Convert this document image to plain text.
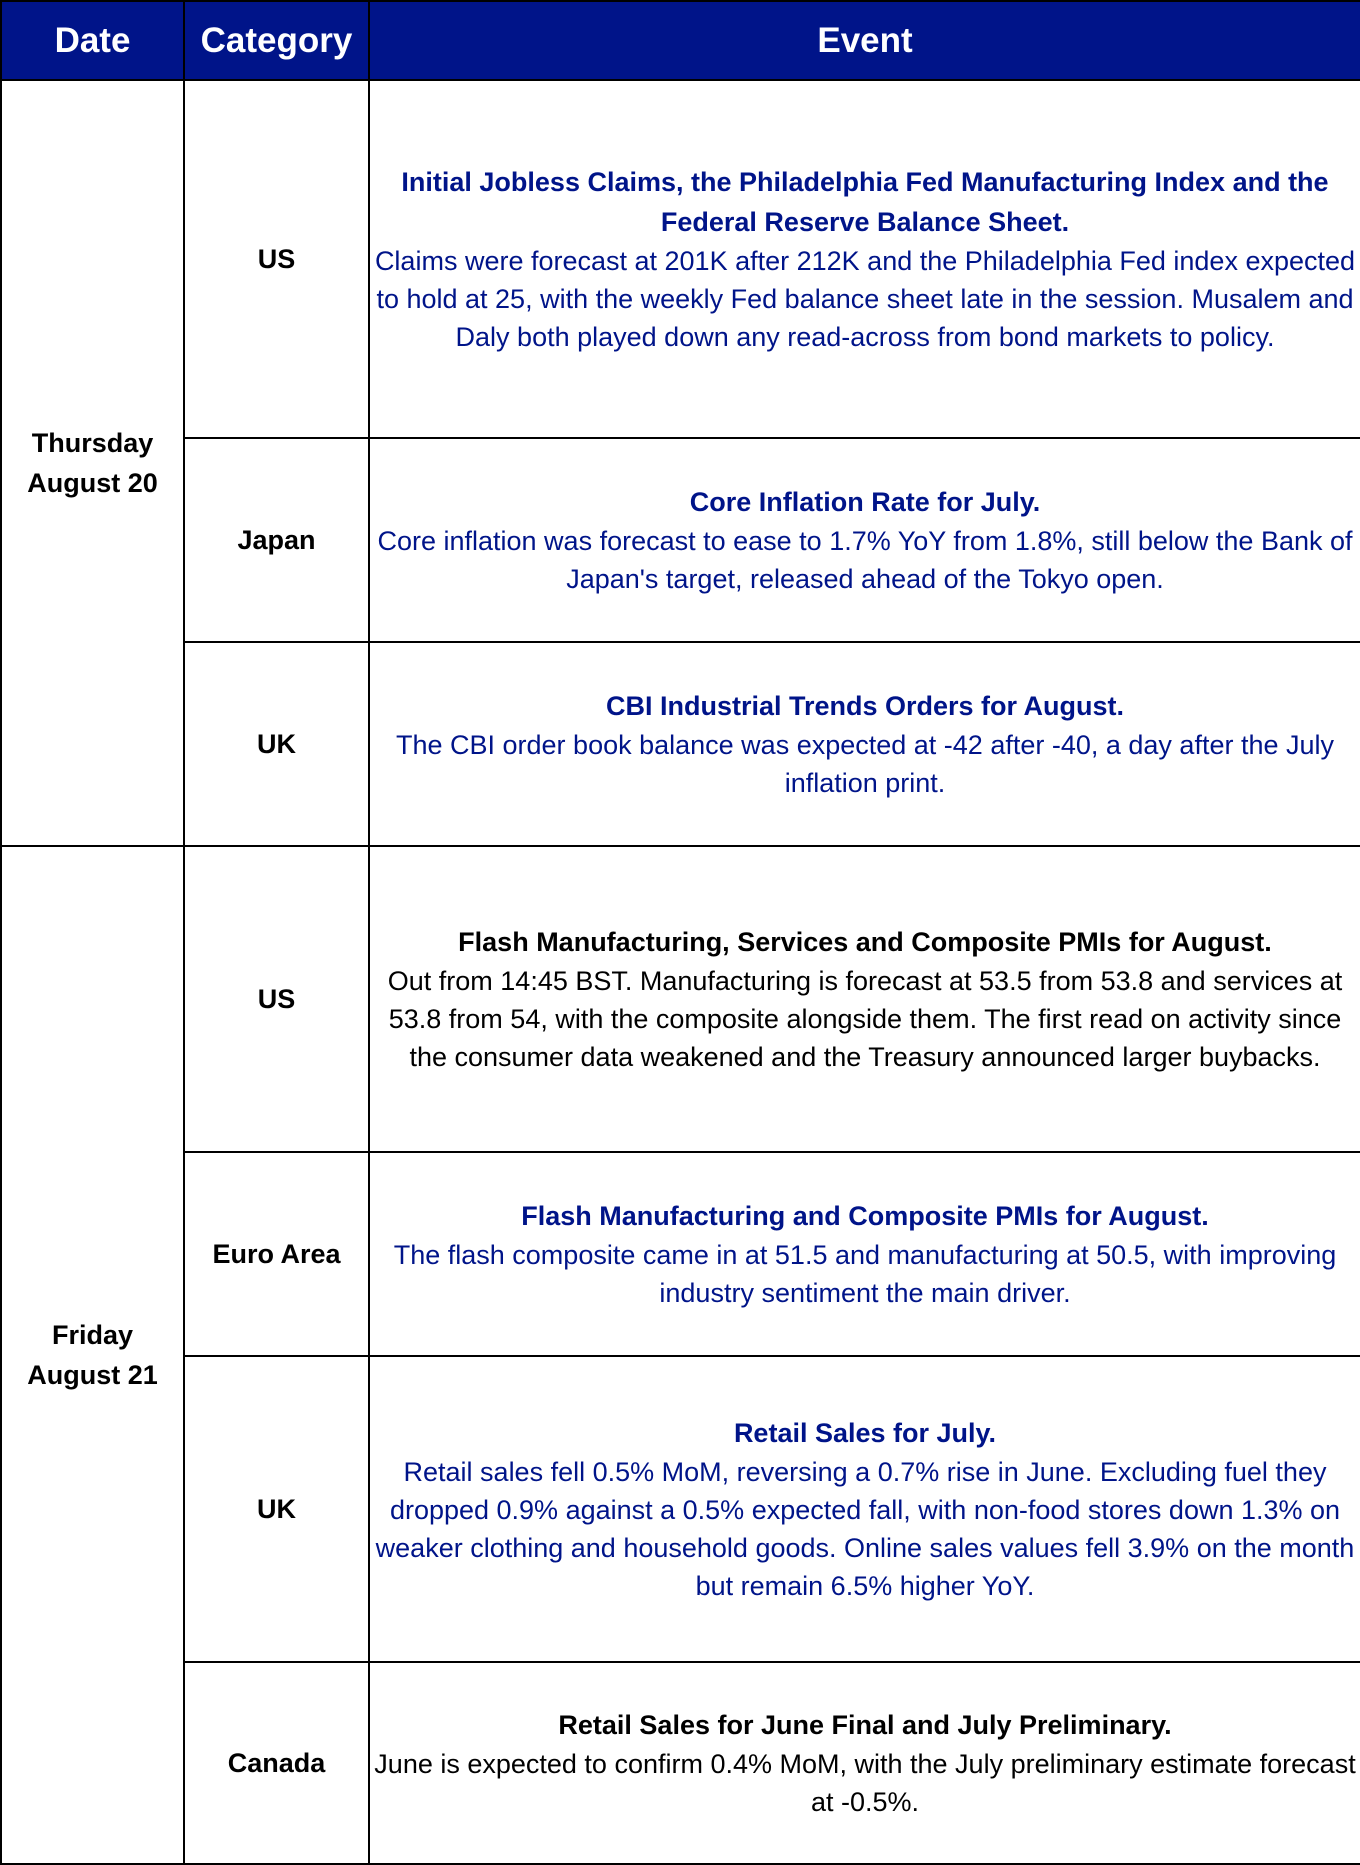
Date	Category	Event

Thursday
August 20	US	Initial Jobless Claims, the Philadelphia Fed Manufacturing Index and the Federal Reserve Balance Sheet.
Claims were forecast at 201K after 212K and the Philadelphia Fed index expected to hold at 25, with the weekly Fed balance sheet late in the session. Musalem and Daly both played down any read-across from bond markets to policy.

	Japan	Core Inflation Rate for July.
Core inflation was forecast to ease to 1.7% YoY from 1.8%, still below the Bank of Japan's target, released ahead of the Tokyo open.

	UK	CBI Industrial Trends Orders for August.
The CBI order book balance was expected at -42 after -40, a day after the July inflation print.

Friday
August 21	US	Flash Manufacturing, Services and Composite PMIs for August.
Out from 14:45 BST. Manufacturing is forecast at 53.5 from 53.8 and services at 53.8 from 54, with the composite alongside them. The first read on activity since the consumer data weakened and the Treasury announced larger buybacks.

	Euro Area	Flash Manufacturing and Composite PMIs for August.
The flash composite came in at 51.5 and manufacturing at 50.5, with improving industry sentiment the main driver.

	UK	Retail Sales for July.
Retail sales fell 0.5% MoM, reversing a 0.7% rise in June. Excluding fuel they dropped 0.9% against a 0.5% expected fall, with non-food stores down 1.3% on weaker clothing and household goods. Online sales values fell 3.9% on the month but remain 6.5% higher YoY.

	Canada	Retail Sales for June Final and July Preliminary.
June is expected to confirm 0.4% MoM, with the July preliminary estimate forecast at -0.5%.
